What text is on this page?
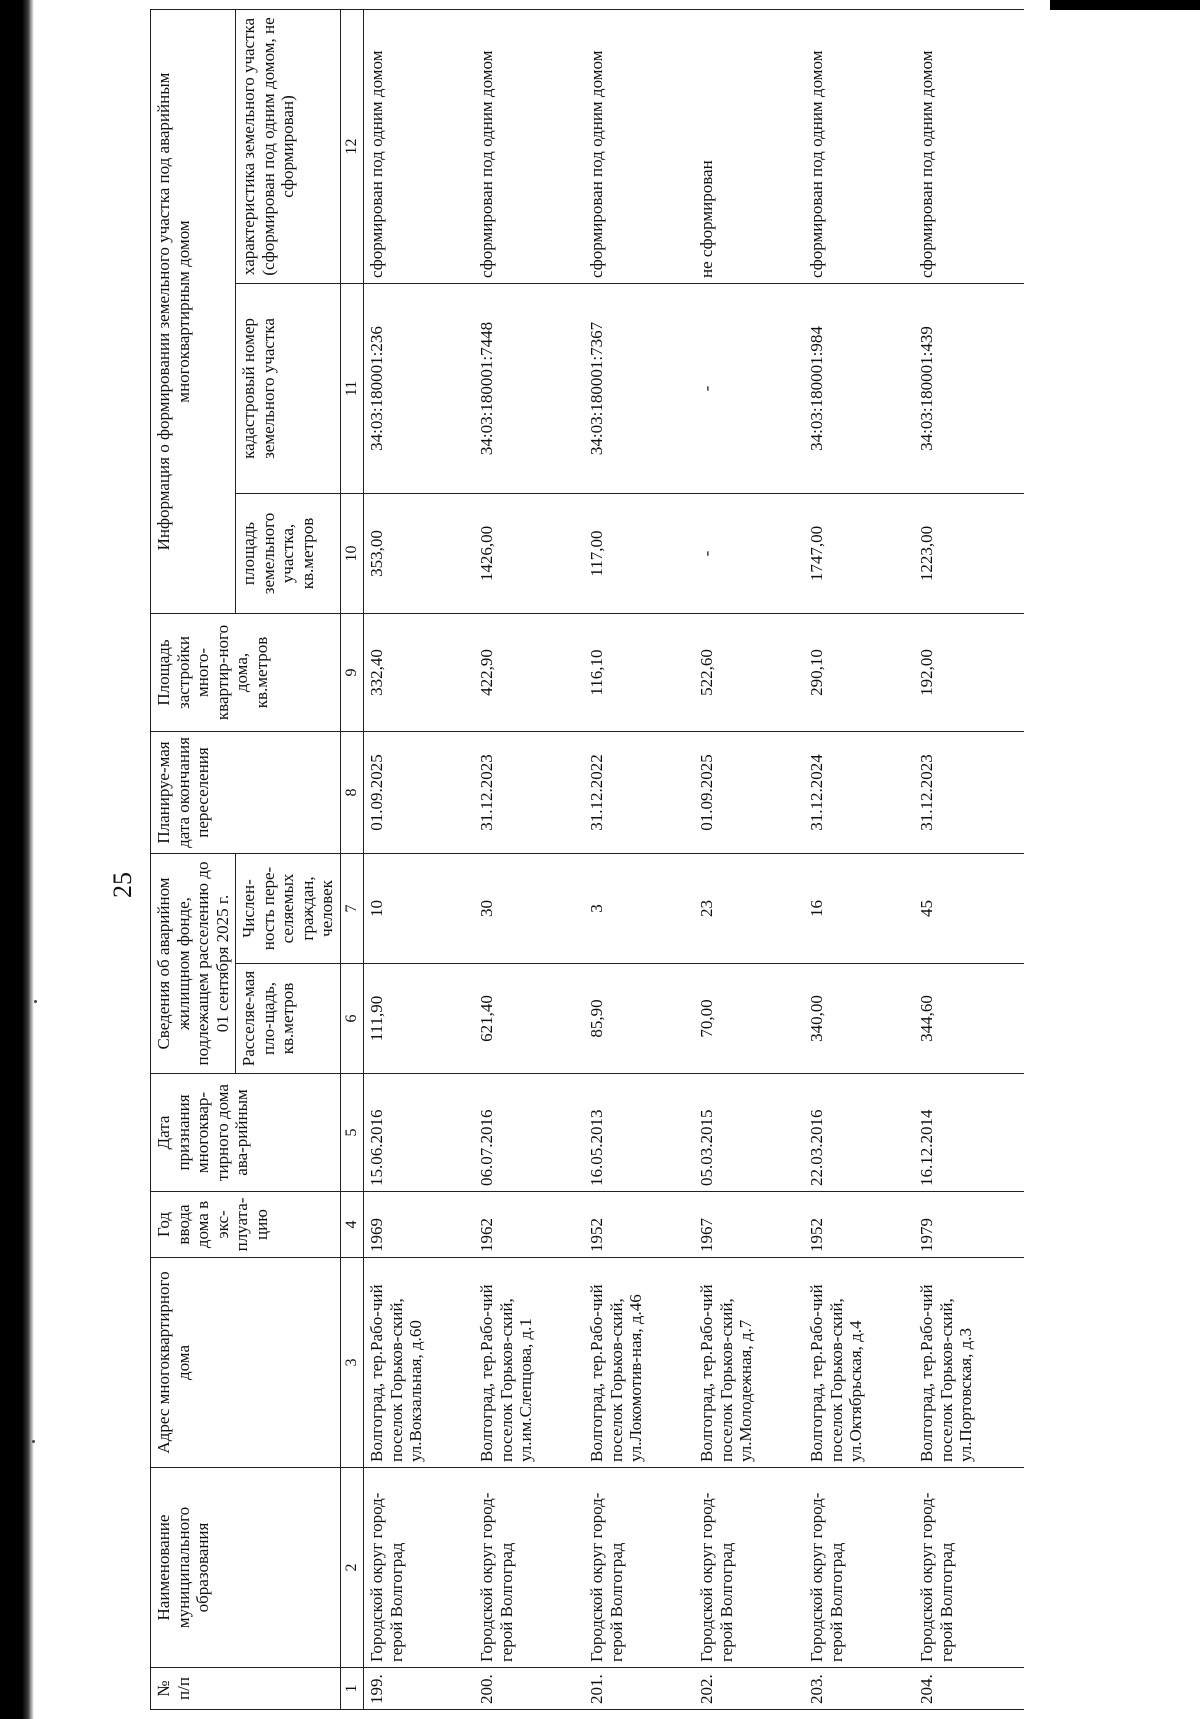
25
№ п/п	Наименование муниципального образования	Адрес многоквартирного дома	Год ввода дома в экс-плуата-цию	Дата признания многоквар-тирного дома ава-рийным	Сведения об аварийном жилищном фонде, подлежащем расселению до 01 сентября 2025 г.		Планируе-мая дата окончания переселения	Площадь застройки много-квартир-ного дома, кв.метров	Информация о формировании земельного участка под аварийным многоквартирным домом		
					Расселяе-мая пло-щадь, кв.метров	Числен-ность пере-селяемых граждан, человек			площадь земельного участка, кв.метров	кадастровый номер земельного участка	характеристика земельного участка (сформирован под одним домом, не сформирован)
1	2	3	4	5	6	7	8	9	10	11	12
199.	Городской округ город-герой Волгоград	Волгоград, тер.Рабо-чий поселок Горьков-ский, ул.Вокзальная, д.60	1969	15.06.2016	111,90	10	01.09.2025	332,40	353,00	34:03:180001:236	сформирован под одним домом
200.	Городской округ город-герой Волгоград	Волгоград, тер.Рабо-чий поселок Горьков-ский, ул.им.Слепцова, д.1	1962	06.07.2016	621,40	30	31.12.2023	422,90	1426,00	34:03:180001:7448	сформирован под одним домом
201.	Городской округ город-герой Волгоград	Волгоград, тер.Рабо-чий поселок Горьков-ский, ул.Локомотив-ная, д.46	1952	16.05.2013	85,90	3	31.12.2022	116,10	117,00	34:03:180001:7367	сформирован под одним домом
202.	Городской округ город-герой Волгоград	Волгоград, тер.Рабо-чий поселок Горьков-ский, ул.Молодежная, д.7	1967	05.03.2015	70,00	23	01.09.2025	522,60	-	-	не сформирован
203.	Городской округ город-герой Волгоград	Волгоград, тер.Рабо-чий поселок Горьков-ский, ул.Октябрьская, д.4	1952	22.03.2016	340,00	16	31.12.2024	290,10	1747,00	34:03:180001:984	сформирован под одним домом
204.	Городской округ город-герой Волгоград	Волгоград, тер.Рабо-чий поселок Горьков-ский, ул.Портовская, д.3	1979	16.12.2014	344,60	45	31.12.2023	192,00	1223,00	34:03:180001:439	сформирован под одним домом
